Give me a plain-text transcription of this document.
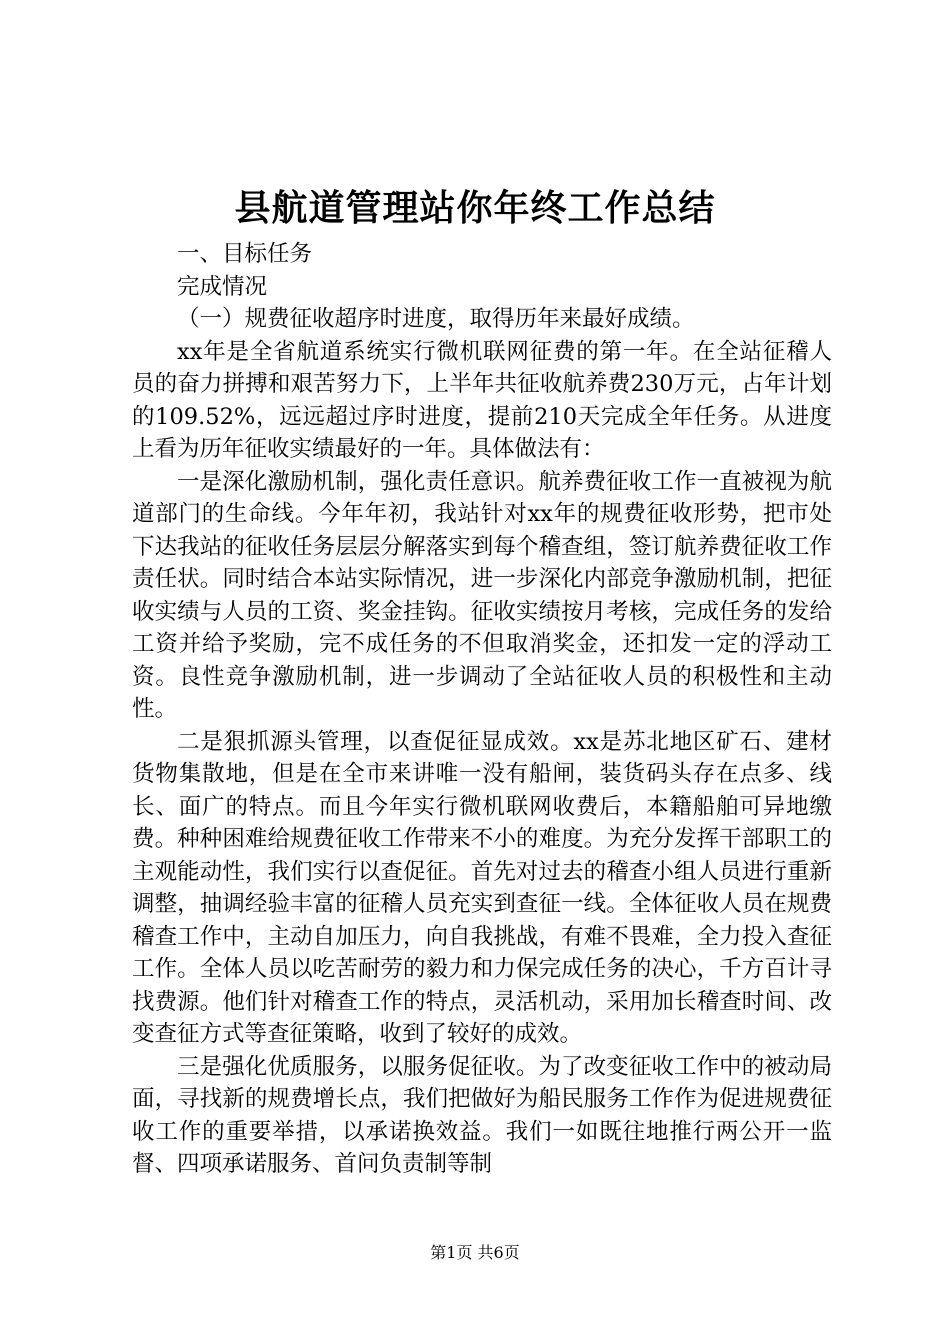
县航道管理站你年终工作总结

一、目标任务

完成情况

（一）规费征收超序时进度，取得历年来最好成绩。

xx年是全省航道系统实行微机联网征费的第一年。在全站征稽人员的奋力拼搏和艰苦努力下，上半年共征收航养费230万元，占年计划的109.52%，远远超过序时进度，提前210天完成全年任务。从进度上看为历年征收实绩最好的一年。具体做法有：

一是深化激励机制，强化责任意识。航养费征收工作一直被视为航道部门的生命线。今年年初，我站针对xx年的规费征收形势，把市处下达我站的征收任务层层分解落实到每个稽查组，签订航养费征收工作责任状。同时结合本站实际情况，进一步深化内部竞争激励机制，把征收实绩与人员的工资、奖金挂钩。征收实绩按月考核，完成任务的发给工资并给予奖励，完不成任务的不但取消奖金，还扣发一定的浮动工资。良性竞争激励机制，进一步调动了全站征收人员的积极性和主动性。

二是狠抓源头管理，以查促征显成效。xx是苏北地区矿石、建材货物集散地，但是在全市来讲唯一没有船闸，装货码头存在点多、线长、面广的特点。而且今年实行微机联网收费后，本籍船舶可异地缴费。种种困难给规费征收工作带来不小的难度。为充分发挥干部职工的主观能动性，我们实行以查促征。首先对过去的稽查小组人员进行重新调整，抽调经验丰富的征稽人员充实到查征一线。全体征收人员在规费稽查工作中，主动自加压力，向自我挑战，有难不畏难，全力投入查征工作。全体人员以吃苦耐劳的毅力和力保完成任务的决心，千方百计寻找费源。他们针对稽查工作的特点，灵活机动，采用加长稽查时间、改变查征方式等查征策略，收到了较好的成效。

三是强化优质服务，以服务促征收。为了改变征收工作中的被动局面，寻找新的规费增长点，我们把做好为船民服务工作作为促进规费征收工作的重要举措，以承诺换效益。我们一如既往地推行两公开一监督、四项承诺服务、首问负责制等制

第1页 共6页
